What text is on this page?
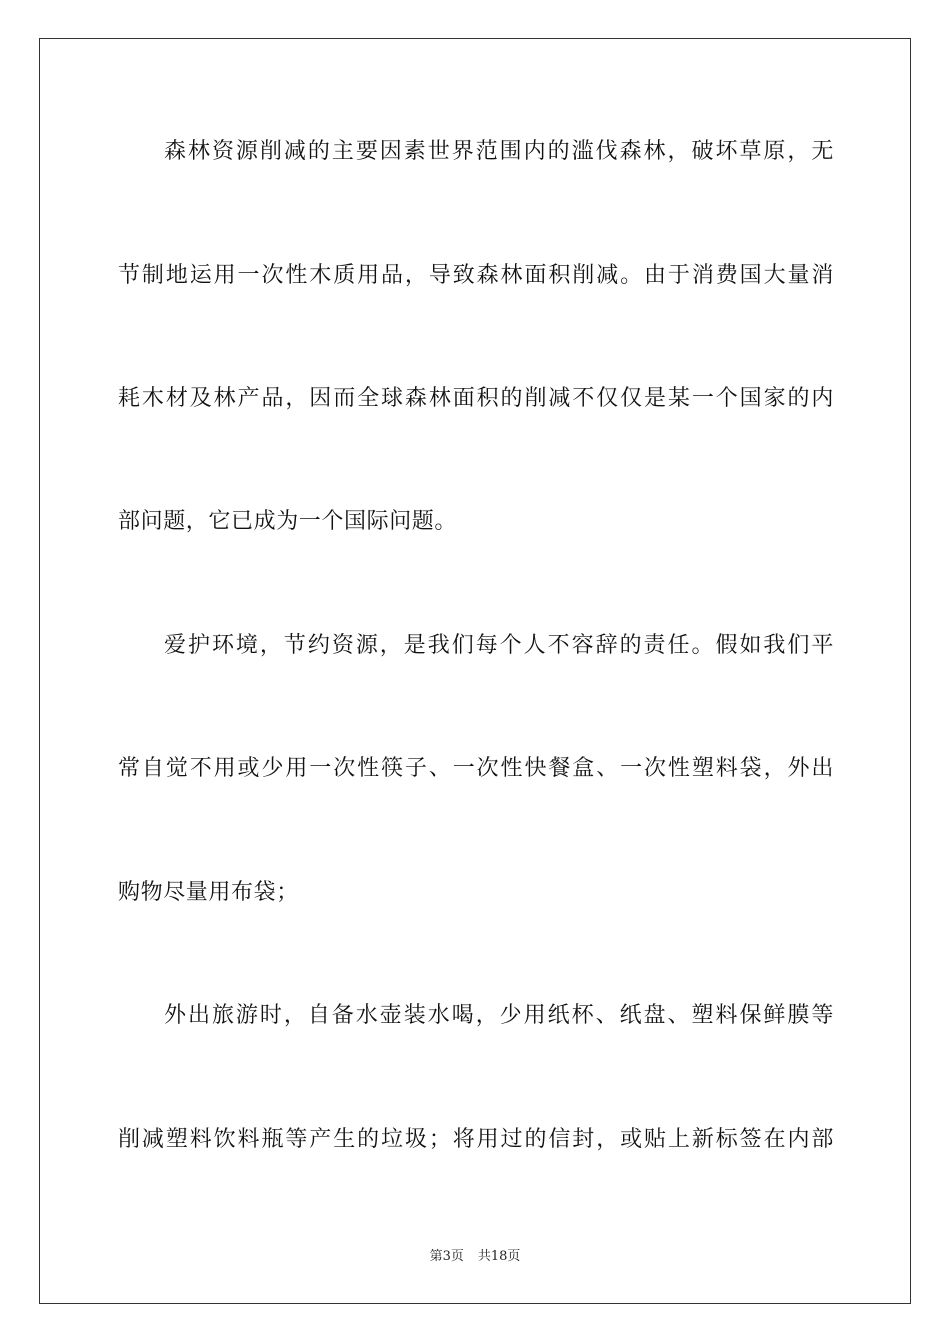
森林资源削减的主要因素世界范围内的滥伐森林，破坏草原，无
节制地运用一次性木质用品，导致森林面积削减。由于消费国大量消
耗木材及林产品，因而全球森林面积的削减不仅仅是某一个国家的内
部问题，它已成为一个国际问题。
爱护环境，节约资源，是我们每个人不容辞的责任。假如我们平
常自觉不用或少用一次性筷子、一次性快餐盒、一次性塑料袋，外出
购物尽量用布袋；
外出旅游时，自备水壶装水喝，少用纸杯、纸盘、塑料保鲜膜等
削减塑料饮料瓶等产生的垃圾；将用过的信封，或贴上新标签在内部
第3页 共18页
